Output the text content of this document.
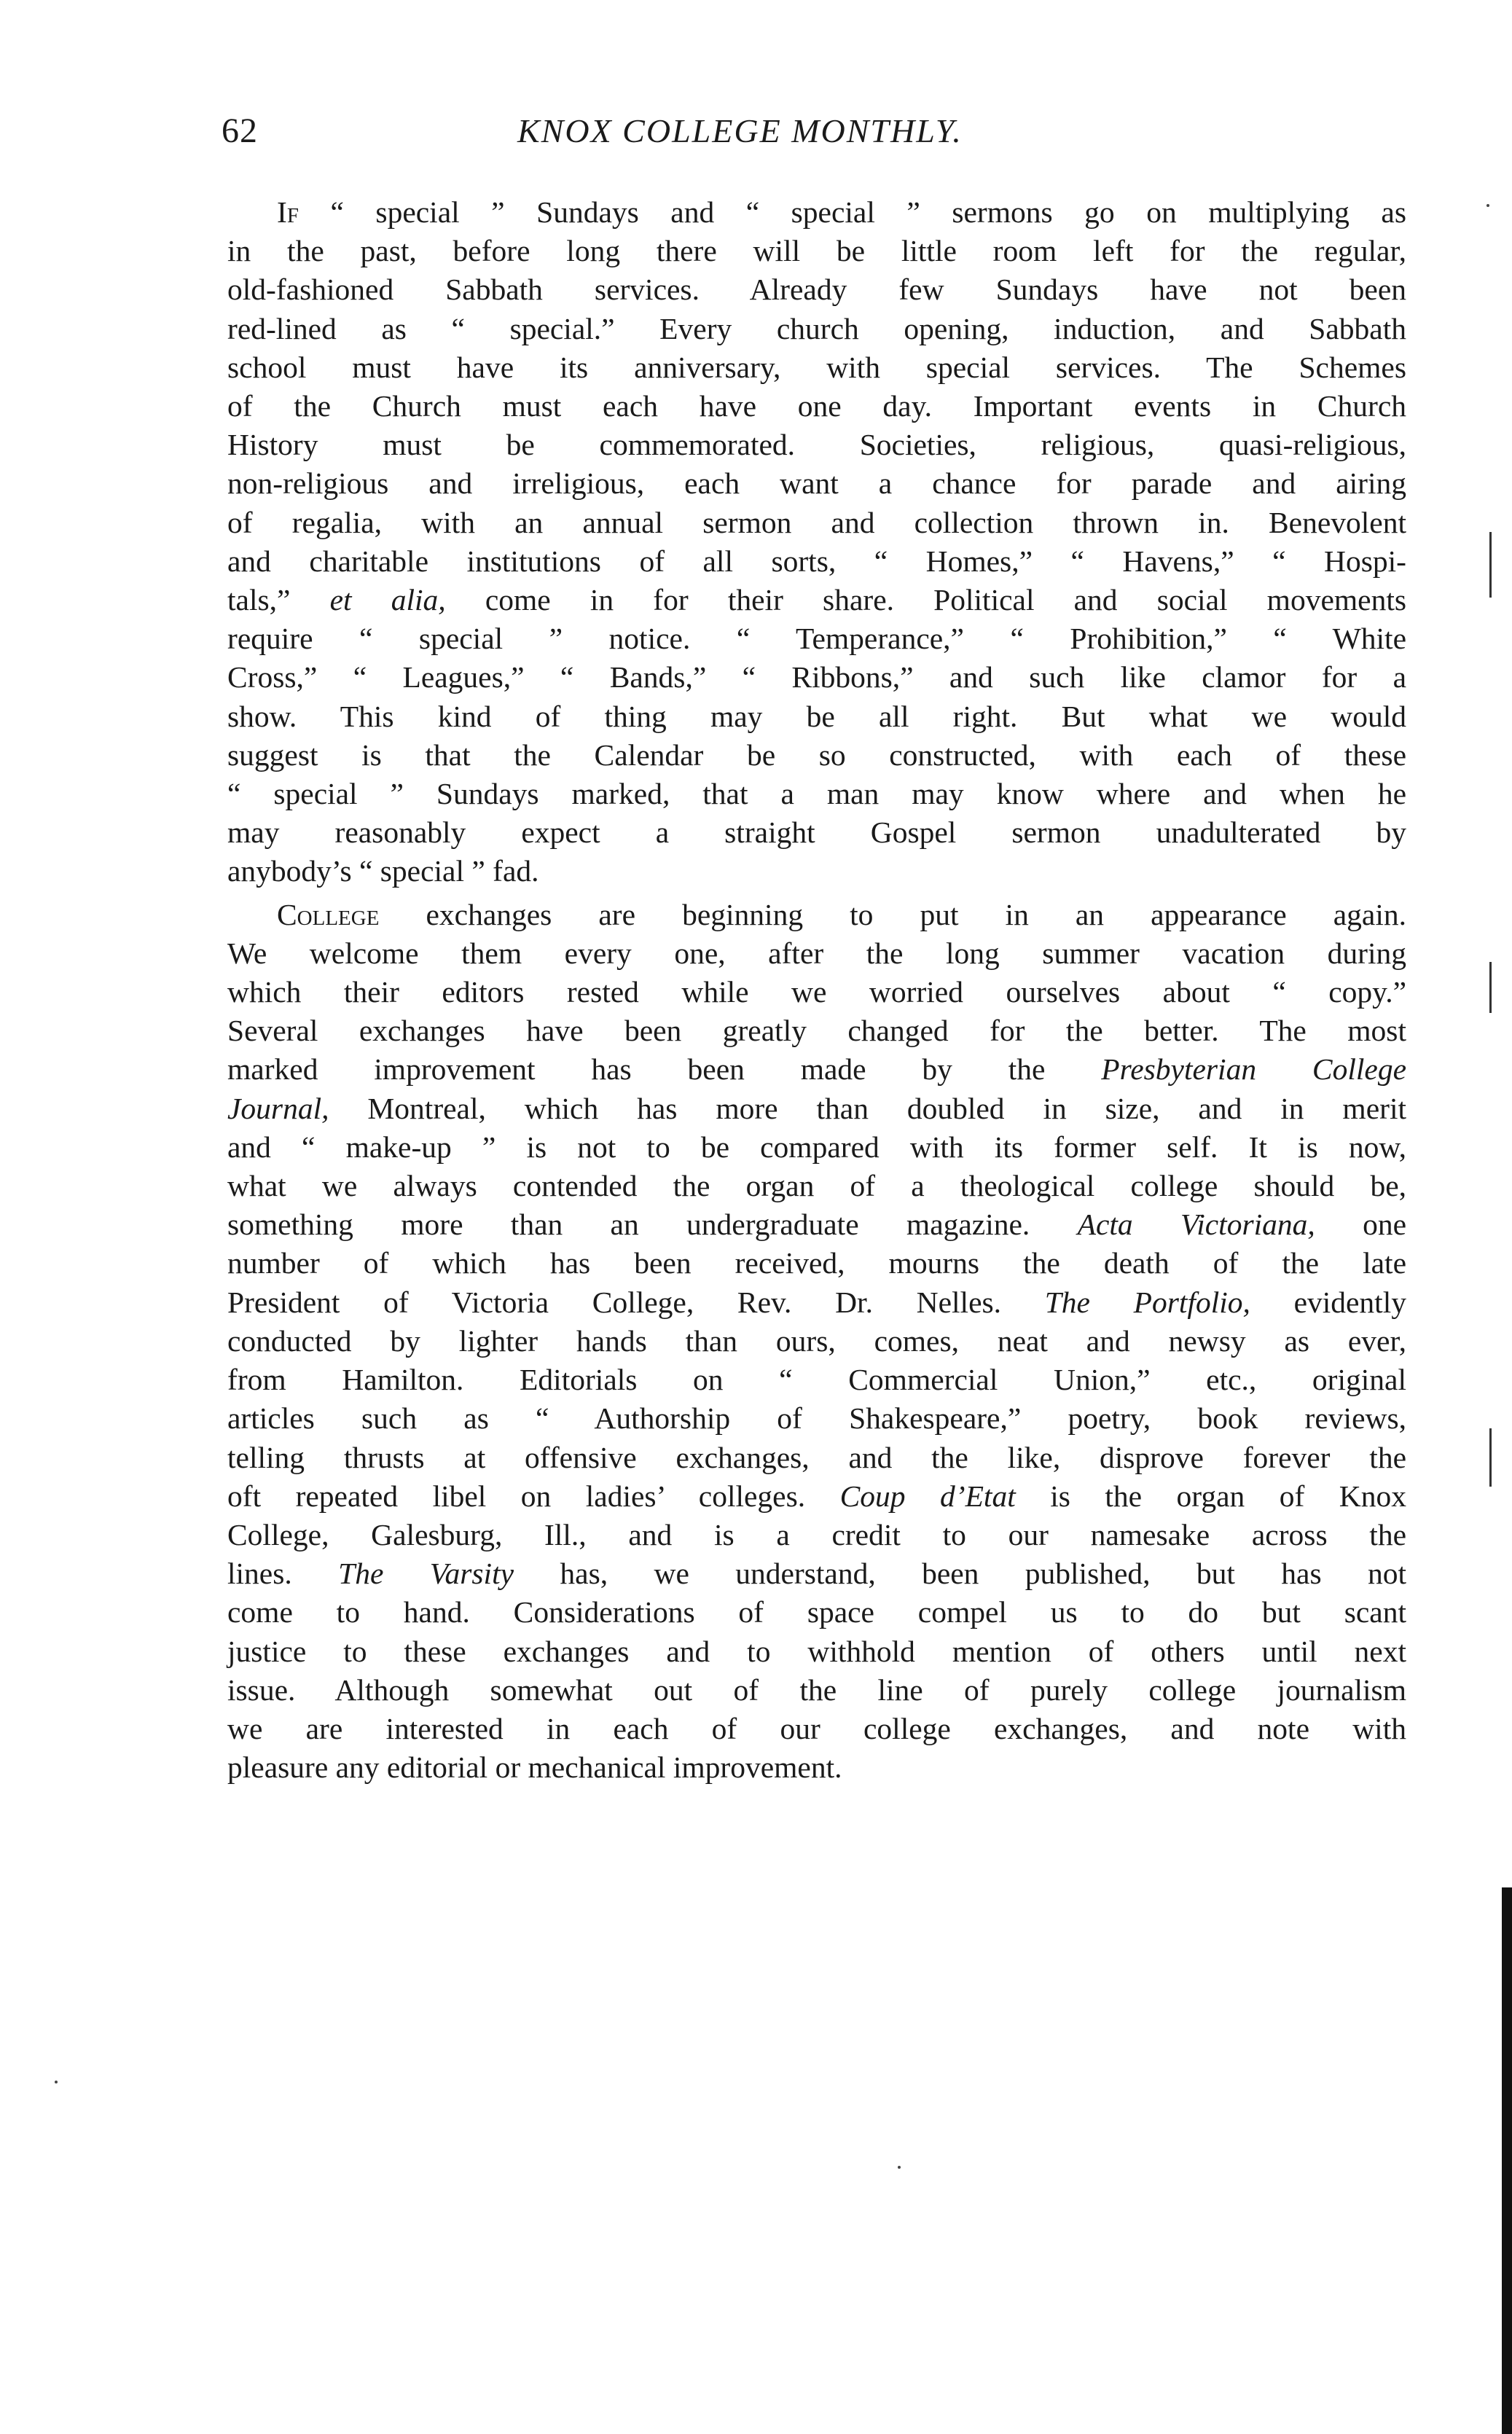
62	KNOX COLLEGE MONTHLY.
If “ special ” Sundays and “ special ” sermons go on multiplying as
in the past, before long there will be little room left for the regular,
old-fashioned Sabbath services. Already few Sundays have not been
red-lined as “ special.” Every church opening, induction, and Sabbath
school must have its anniversary, with special services. The Schemes
of the Church must each have one day. Important events in Church
History must be commemorated. Societies, religious, quasi-religious,
non-religious and irreligious, each want a chance for parade and airing
of regalia, with an annual sermon and collection thrown in. Benevolent
and charitable institutions of all sorts, “ Homes,” “ Havens,” “ Hospi-
tals,” et alia, come in for their share. Political and social movements
require “ special ” notice. “ Temperance,” “ Prohibition,” “ White
Cross,” “ Leagues,” “ Bands,” “ Ribbons,” and such like clamor for a
show. This kind of thing may be all right. But what we would
suggest is that the Calendar be so constructed, with each of these
“ special ” Sundays marked, that a man may know where and when he
may reasonably expect a straight Gospel sermon unadulterated by
anybody’s “ special ” fad.
College exchanges are beginning to put in an appearance again.
We welcome them every one, after the long summer vacation during
which their editors rested while we worried ourselves about “ copy.”
Several exchanges have been greatly changed for the better. The most
marked improvement has been made by the Presbyterian College
Journal, Montreal, which has more than doubled in size, and in merit
and “ make-up ” is not to be compared with its former self. It is now,
what we always contended the organ of a theological college should be,
something more than an undergraduate magazine. Acta Victoriana, one
number of which has been received, mourns the death of the late
President of Victoria College, Rev. Dr. Nelles. The Portfolio, evidently
conducted by lighter hands than ours, comes, neat and newsy as ever,
from Hamilton. Editorials on “ Commercial Union,” etc., original
articles such as “ Authorship of Shakespeare,” poetry, book reviews,
telling thrusts at offensive exchanges, and the like, disprove forever the
oft repeated libel on ladies’ colleges. Coup d’Etat is the organ of Knox
College, Galesburg, Ill., and is a credit to our namesake across the
lines. The Varsity has, we understand, been published, but has not
come to hand. Considerations of space compel us to do but scant
justice to these exchanges and to withhold mention of others until next
issue. Although somewhat out of the line of purely college journalism
we are interested in each of our college exchanges, and note with
pleasure any editorial or mechanical improvement.
